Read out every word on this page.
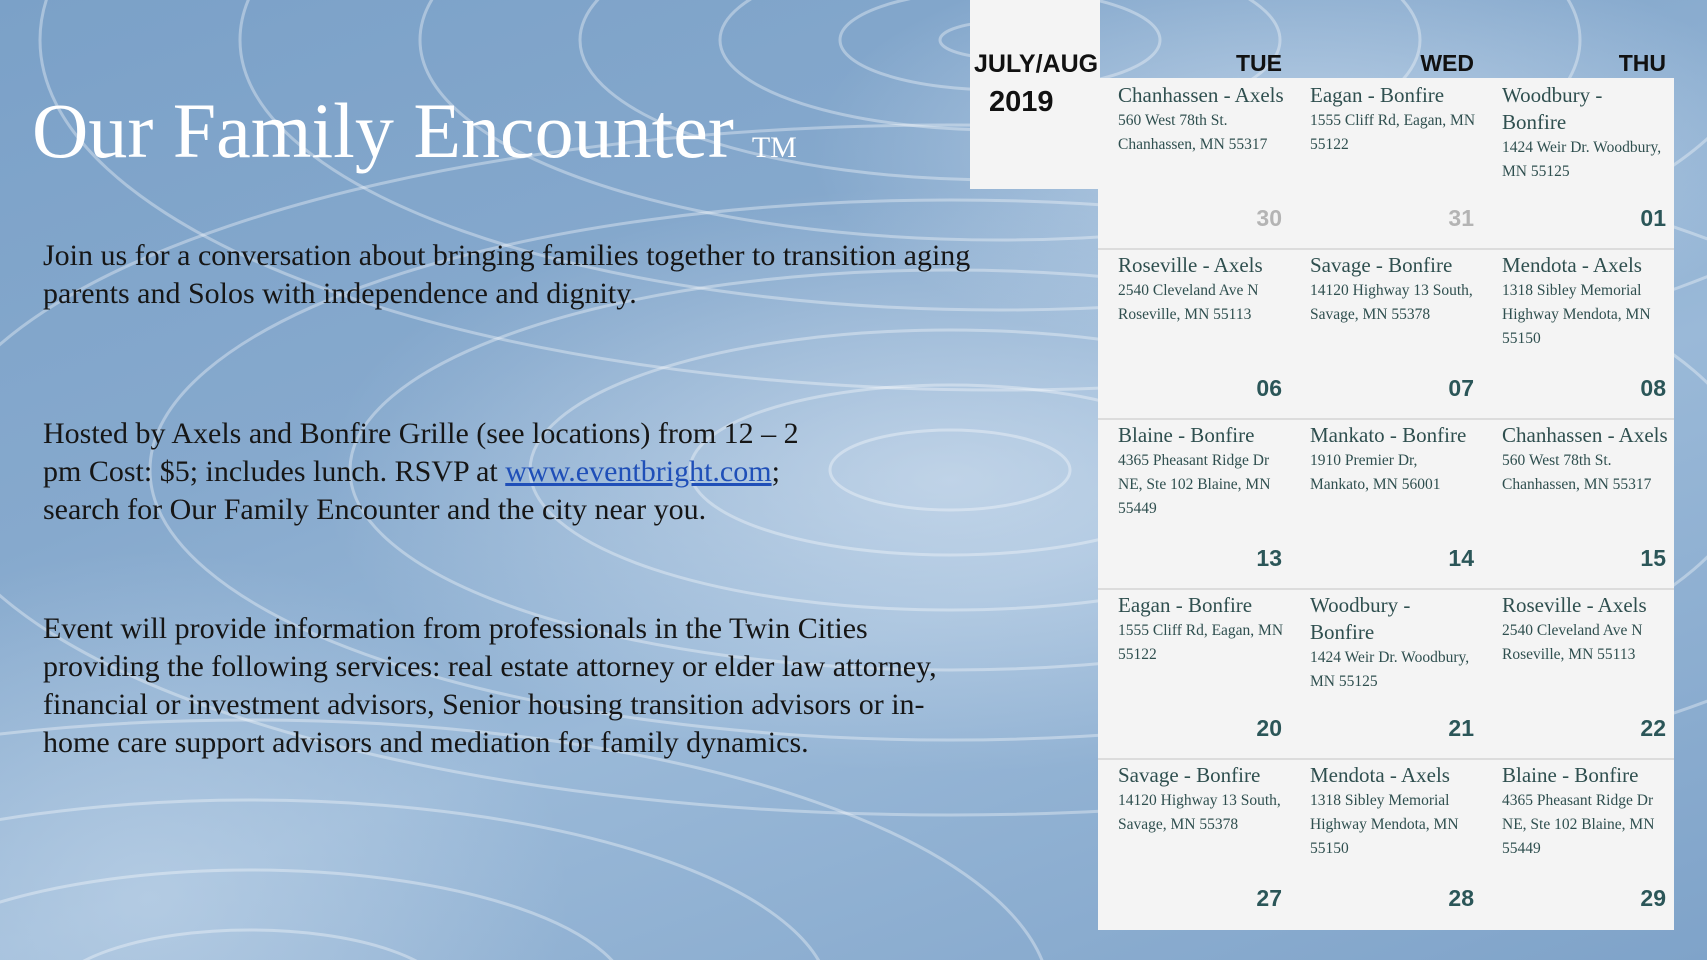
Our Family Encounter TM
Join us for a conversation about bringing families together to transition aging parents and Solos with independence and dignity.
Hosted by Axels and Bonfire Grille (see locations) from 12 – 2 pm Cost: $5; includes lunch. RSVP at www.eventbright.com; search for Our Family Encounter and the city near you.
Event will provide information from professionals in the Twin Cities providing the following services: real estate attorney or elder law attorney, financial or investment advisors, Senior housing transition advisors or in-home care support advisors and mediation for family dynamics.
JULY/AUG
2019
TUE	WED	THU
Chanhassen - Axels
560 West 78th St. Chanhassen, MN 55317
30
Eagan - Bonfire
1555 Cliff Rd, Eagan, MN 55122
31
Woodbury - Bonfire
1424 Weir Dr. Woodbury, MN 55125
01
Roseville - Axels
2540 Cleveland Ave N Roseville, MN 55113
06
Savage - Bonfire
14120 Highway 13 South, Savage, MN 55378
07
Mendota - Axels
1318 Sibley Memorial Highway Mendota, MN 55150
08
Blaine - Bonfire
4365 Pheasant Ridge Dr NE, Ste 102 Blaine, MN 55449
13
Mankato - Bonfire
1910 Premier Dr, Mankato, MN 56001
14
Chanhassen - Axels
560 West 78th St. Chanhassen, MN 55317
15
Eagan - Bonfire
1555 Cliff Rd, Eagan, MN 55122
20
Woodbury - Bonfire
1424 Weir Dr. Woodbury, MN 55125
21
Roseville - Axels
2540 Cleveland Ave N Roseville, MN 55113
22
Savage - Bonfire
14120 Highway 13 South, Savage, MN 55378
27
Mendota - Axels
1318 Sibley Memorial Highway Mendota, MN 55150
28
Blaine - Bonfire
4365 Pheasant Ridge Dr NE, Ste 102 Blaine, MN 55449
29
